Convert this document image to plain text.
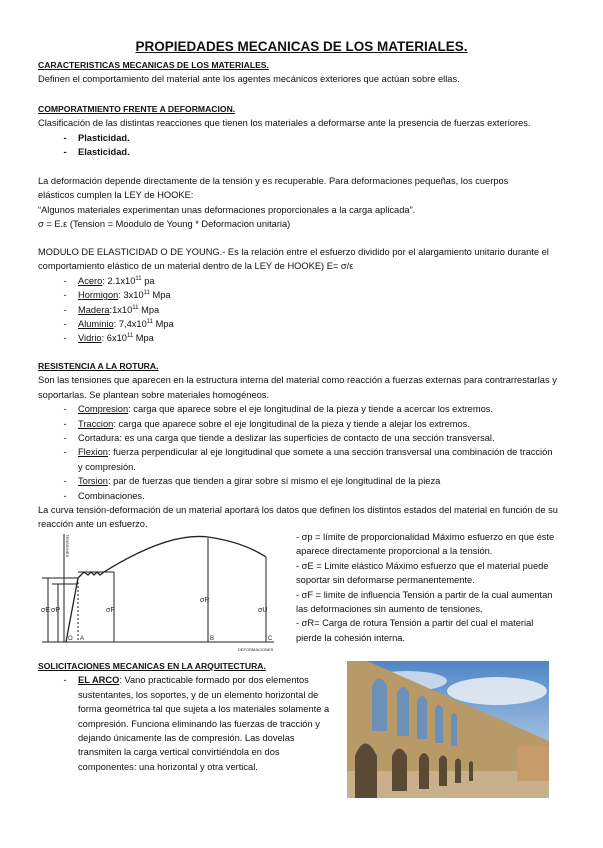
PROPIEDADES MECANICAS DE LOS MATERIALES.
CARACTERISTICAS MECANICAS DE LOS MATERIALES.
Definen el comportamiento del material ante los agentes mecánicos exteriores que actúan sobre ellas.
COMPORATMIENTO FRENTE A DEFORMACION.
Clasificación de las distintas reacciones que tienen los materiales a deformarse ante la presencia de fuerzas exteriores.
-	Plasticidad.
-	Elasticidad.
La deformación depende directamente de la tensión y es recuperable. Para deformaciones pequeñas, los cuerpos elásticos cumplen la LEY de HOOKE:
“Algunos materiales experimentan unas deformaciones proporcionales a la carga aplicada”.
σ = E.ε (Tension = Moodulo de Young * Deformacion unitaria)
MODULO DE ELASTICIDAD O DE YOUNG.- Es la relación entre el esfuerzo dividido por el alargamiento unitario durante el comportamiento elástico de un material dentro de la LEY de HOOKE) E= σ/ε
-	Acero: $2.1x10^{11}$ pa
-	Hormigon: $3x10^{11}$ Mpa
-	$Madera:1x10^{11}$ Mpa
-	Aluminio: $7,4x10^{11}$ Mpa
-	Vidrio: $6x10^{11}$ Mpa
RESISTENCIA A LA ROTURA.
Son las tensiones que aparecen en la estructura interna del material como reacción a fuerzas externas para contrarrestarlas y soportarlas. Se plantean sobre materiales homogéneos.
-	Compresion: carga que aparece sobre el eje longitudinal de la pieza y tiende a acercar los extremos.
-	Traccion: carga que aparece sobre el eje longitudinal de la pieza y tiende a alejar los extremos.
-	Cortadura: es una carga que tiende a deslizar las superficies de contacto de una sección transversal.
-	Flexion: fuerza perpendicular al eje longitudinal que somete a una sección transversal una combinación de tracción y compresión.
-	Torsion: par de fuerzas que tienden a girar sobre sí mismo el eje longitudinal de la pieza
-	Combinaciones.
La curva tensión-deformación de un material aportará los datos que definen los distintos estados del material en función de su reacción ante un esfuerzo.
TENSIONES
DEFORMACIONES
O A	B	C
σE σP	σF
σR
σU
- σp = límite de proporcionalidad Máximo esfuerzo en que éste aparece directamente proporcional a la tensión.
- σE = Limite elástico Máximo esfuerzo que el material puede soportar sin deformarse permanentemente.
- σF = limite de influencia Tensión a partir de la cual aumentan las deformaciones sin aumento de tensiones.
- σR= Carga de rotura Tensión a partir del cual el material pierde la cohesión interna.
SOLICITACIONES MECANICAS EN LA ARQUITECTURA.
-	EL ARCO: Vano practicable formado por dos elementos sustentantes, los soportes, y de un elemento horizontal de forma geométrica tal que sujeta a los materiales solamente a compresión. Funciona eliminando las fuerzas de tracción y dejando únicamente las de compresión. Las dovelas transmiten la carga vertical convirtiéndola en dos componentes: una horizontal y otra vertical.
